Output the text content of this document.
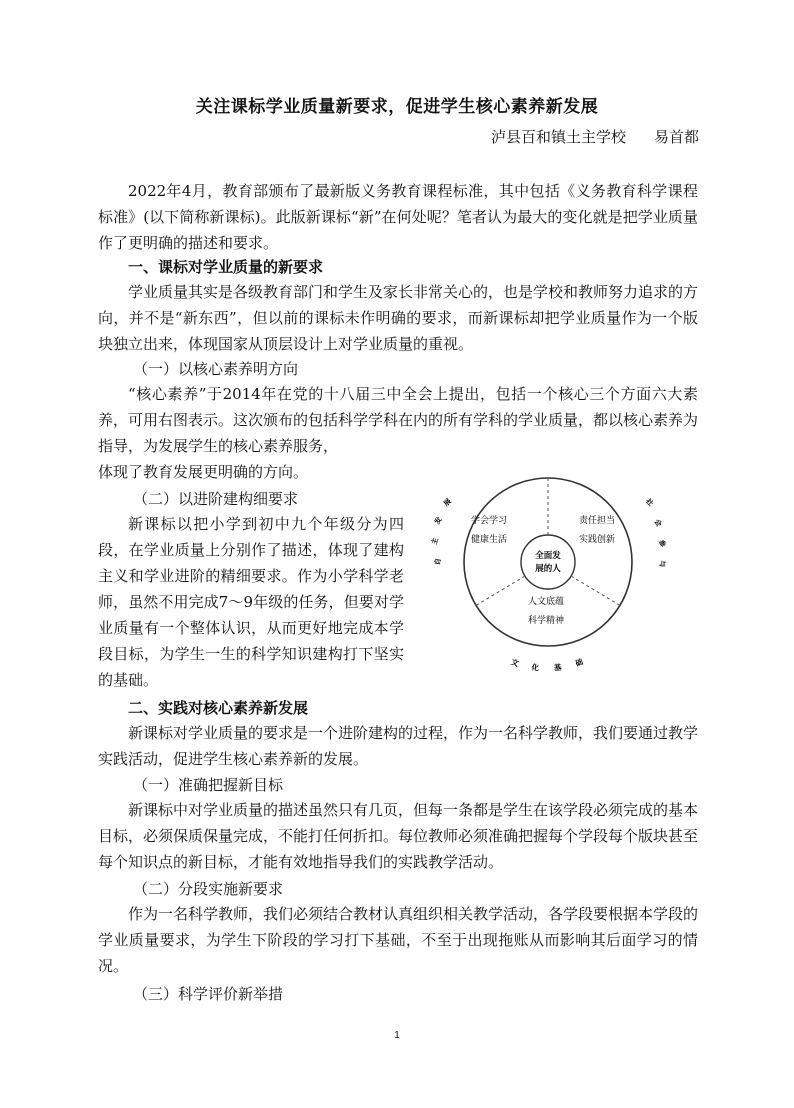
关注课标学业质量新要求，促进学生核心素养新发展
泸县百和镇土主学校 易首都

2022年4月，教育部颁布了最新版义务教育课程标准，其中包括《义务教育科学课程标准》(以下简称新课标)。此版新课标“新”在何处呢？笔者认为最大的变化就是把学业质量作了更明确的描述和要求。

一、课标对学业质量的新要求

学业质量其实是各级教育部门和学生及家长非常关心的，也是学校和教师努力追求的方向，并不是“新东西”，但以前的课标未作明确的要求，而新课标却把学业质量作为一个版块独立出来，体现国家从顶层设计上对学业质量的重视。

（一）以核心素养明方向

“核心素养”于2014年在党的十八届三中全会上提出，包括一个核心三个方面六大素养，可用右图表示。这次颁布的包括科学学科在内的所有学科的学业质量，都以核心素养为指导，为发展学生的核心素养服务，

体现了教育发展更明确的方向。

（二）以进阶建构细要求

新课标以把小学到初中九个年级分为四段，在学业质量上分别作了描述，体现了建构主义和学业进阶的精细要求。作为小学科学老师，虽然不用完成7～9年级的任务，但要对学业质量有一个整体认识，从而更好地完成本学段目标，为学生一生的科学知识建构打下坚实的基础。

全面发
展的人
学会学习
健康生活
责任担当
实践创新
人文底蕴
科学精神
自
主
发
展	社
会
参
与
文 化 基 础
二、实践对核心素养新发展

新课标对学业质量的要求是一个进阶建构的过程，作为一名科学教师，我们要通过教学实践活动，促进学生核心素养新的发展。

（一）准确把握新目标

新课标中对学业质量的描述虽然只有几页，但每一条都是学生在该学段必须完成的基本目标，必须保质保量完成，不能打任何折扣。每位教师必须准确把握每个学段每个版块甚至每个知识点的新目标，才能有效地指导我们的实践教学活动。

（二）分段实施新要求

作为一名科学教师，我们必须结合教材认真组织相关教学活动，各学段要根据本学段的学业质量要求，为学生下阶段的学习打下基础，不至于出现拖账从而影响其后面学习的情况。

（三）科学评价新举措
1
